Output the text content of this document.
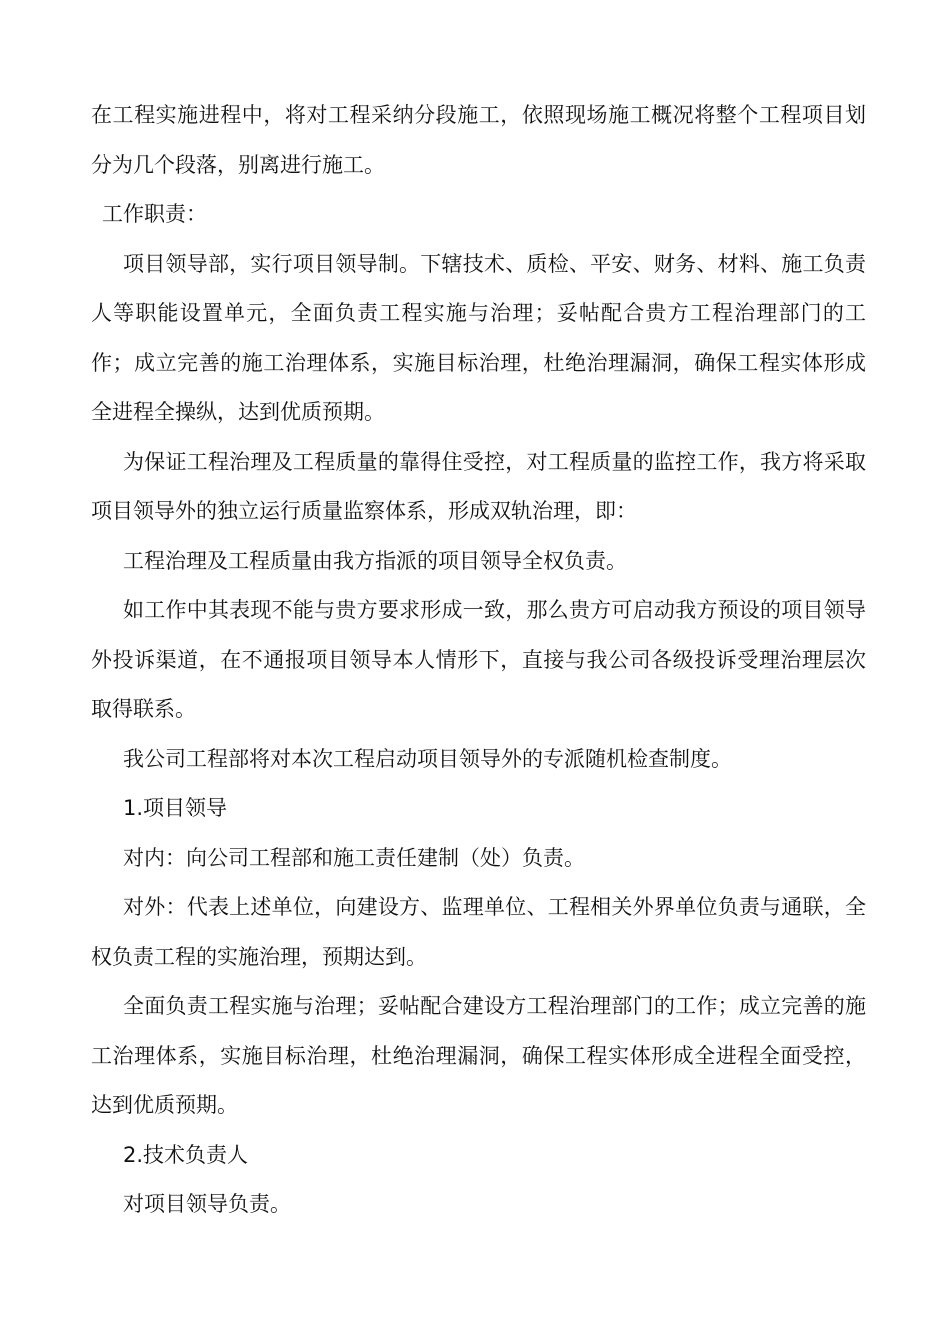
在工程实施进程中，将对工程采纳分段施工，依照现场施工概况将整个工程项目划分为几个段落，别离进行施工。

工作职责：

项目领导部，实行项目领导制。下辖技术、质检、平安、财务、材料、施工负责人等职能设置单元，全面负责工程实施与治理；妥帖配合贵方工程治理部门的工作；成立完善的施工治理体系，实施目标治理，杜绝治理漏洞，确保工程实体形成全进程全操纵，达到优质预期。

为保证工程治理及工程质量的靠得住受控，对工程质量的监控工作，我方将采取项目领导外的独立运行质量监察体系，形成双轨治理，即：

工程治理及工程质量由我方指派的项目领导全权负责。

如工作中其表现不能与贵方要求形成一致，那么贵方可启动我方预设的项目领导外投诉渠道，在不通报项目领导本人情形下，直接与我公司各级投诉受理治理层次取得联系。

我公司工程部将对本次工程启动项目领导外的专派随机检查制度。

1.项目领导

对内：向公司工程部和施工责任建制（处）负责。

对外：代表上述单位，向建设方、监理单位、工程相关外界单位负责与通联，全权负责工程的实施治理，预期达到。

全面负责工程实施与治理；妥帖配合建设方工程治理部门的工作；成立完善的施工治理体系，实施目标治理，杜绝治理漏洞，确保工程实体形成全进程全面受控，达到优质预期。

2.技术负责人

对项目领导负责。
